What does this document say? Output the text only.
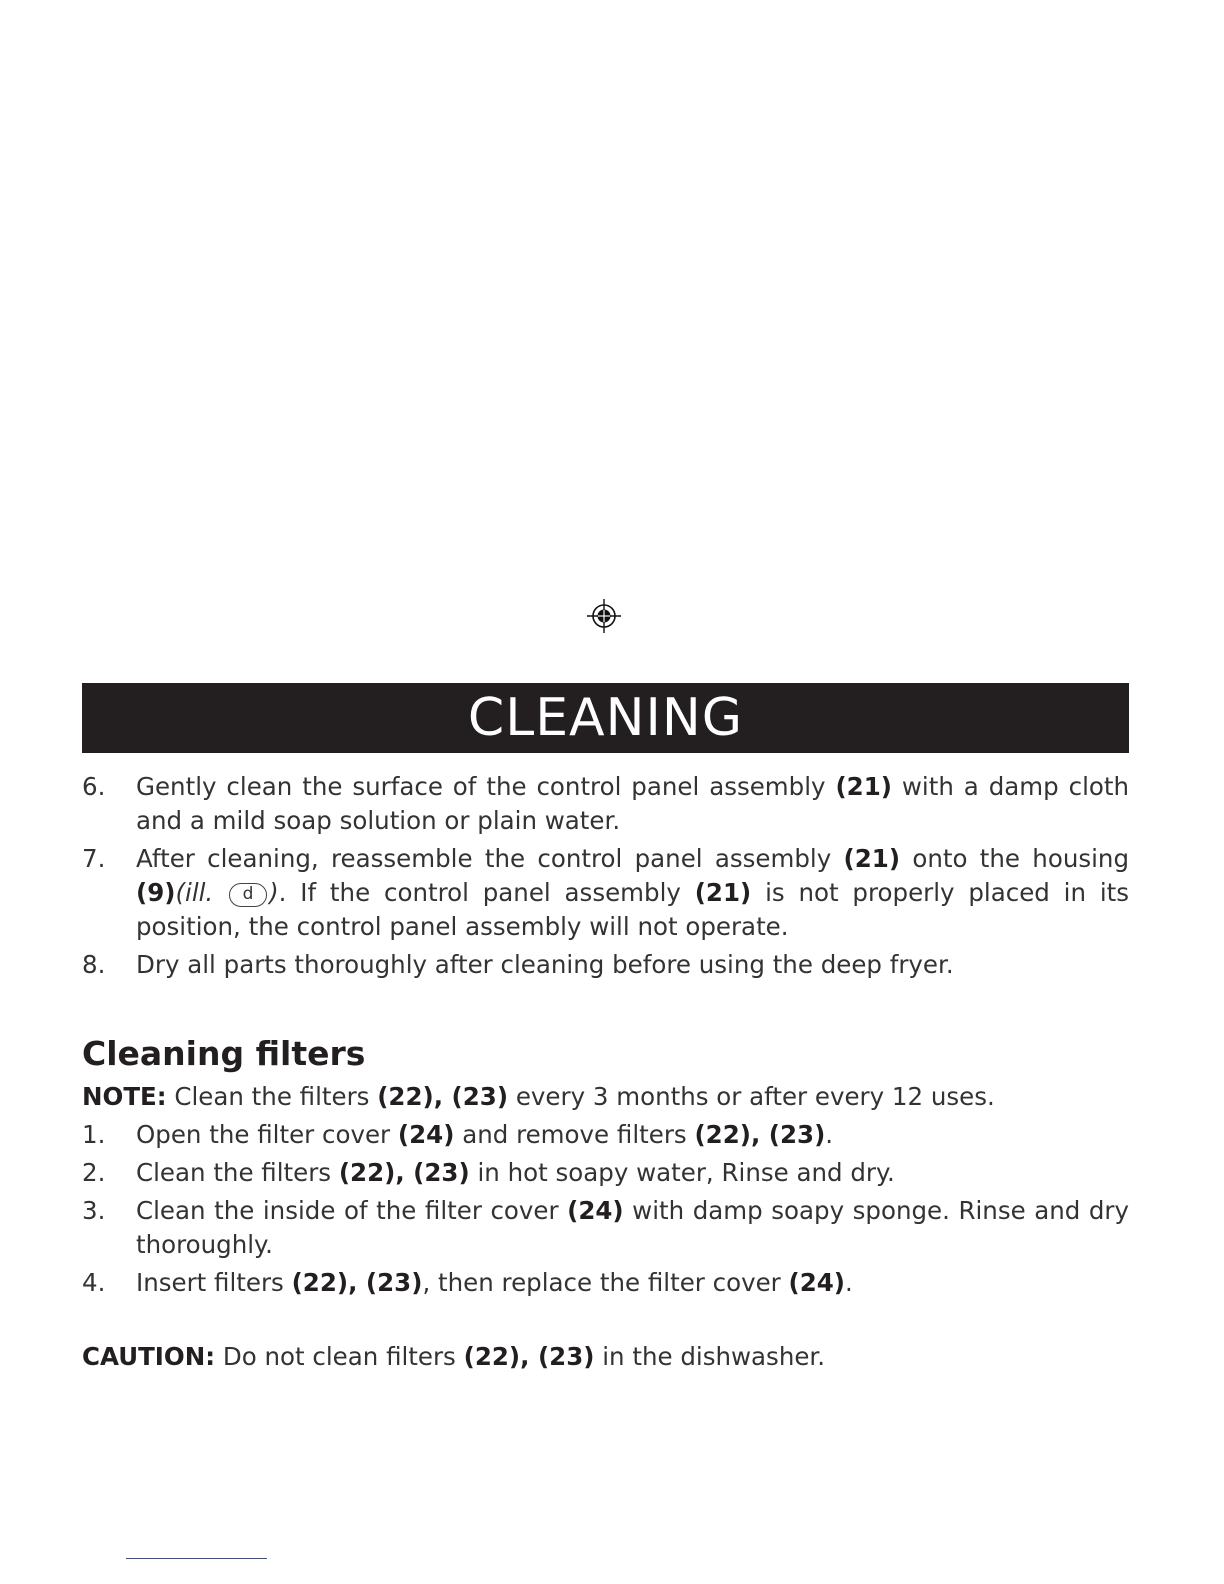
CLEANING
6.	Gently clean the surface of the control panel assembly (21) with a damp cloth and a mild soap solution or plain water.
7.	After cleaning, reassemble the control panel assembly (21) onto the housing (9)(ill. d ). If the control panel assembly (21) is not properly placed in its position, the control panel assembly will not operate.
8.	Dry all parts thoroughly after cleaning before using the deep fryer.
Cleaning filters
NOTE: Clean the filters (22), (23) every 3 months or after every 12 uses.
1.	Open the filter cover (24) and remove filters (22), (23).
2.	Clean the filters (22), (23) in hot soapy water, Rinse and dry.
3.	Clean the inside of the filter cover (24) with damp soapy sponge. Rinse and dry thoroughly.
4.	Insert filters (22), (23), then replace the filter cover (24).
CAUTION: Do not clean filters (22), (23) in the dishwasher.
